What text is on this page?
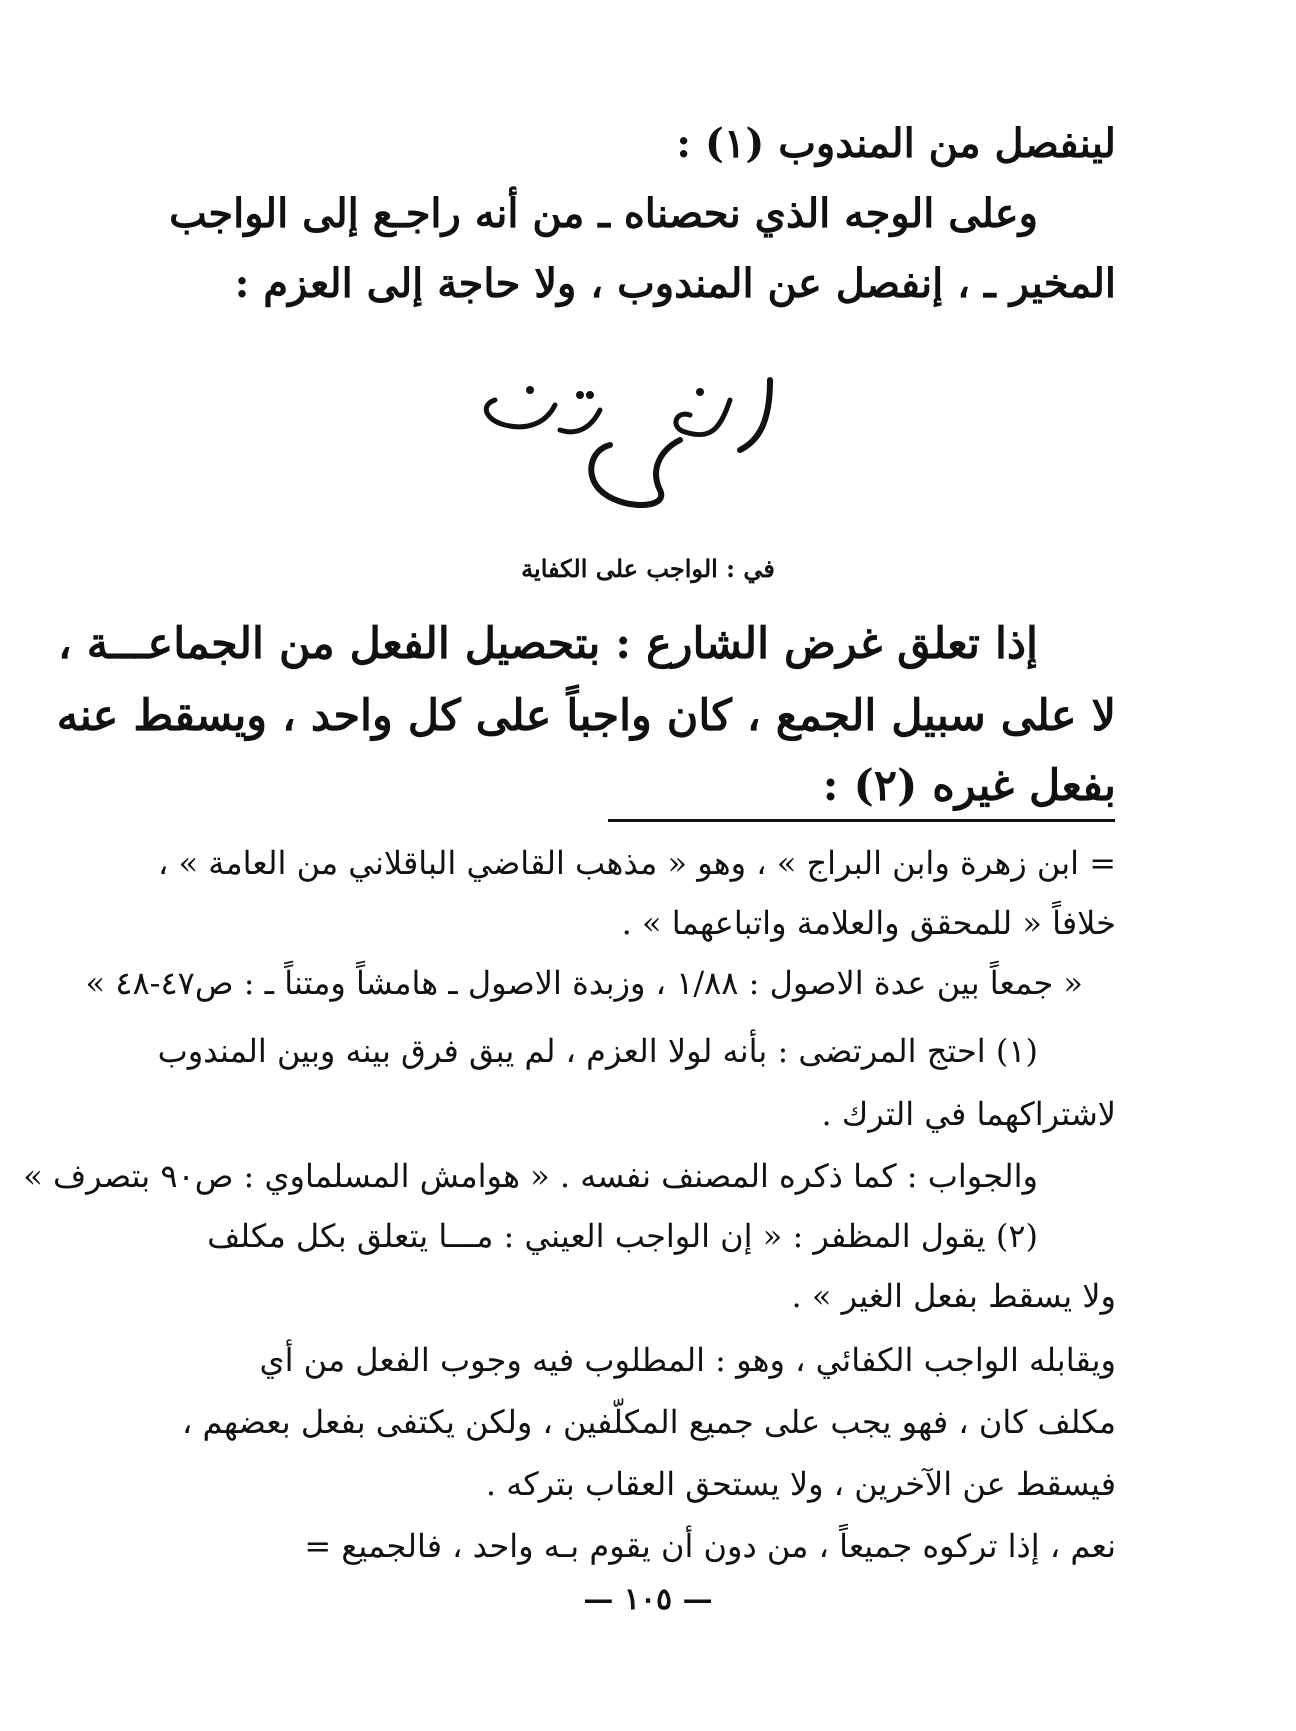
لينفصل من المندوب (١) :
وعلى الوجه الذي نحصناه ـ من أنه راجـع إلى الواجب
المخير ـ ، إنفصل عن المندوب ، ولا حاجة إلى العزم :
البحث التاسع
في : الواجب على الكفاية
إذا تعلق غرض الشارع : بتحصيل الفعل من الجماعـــة ،
لا على سبيل الجمع ، كان واجباً على كل واحد ، ويسقط عنه
بفعل غيره (٢) :
= ابن زهرة وابن البراج » ، وهو « مذهب القاضي الباقلاني من العامة » ،
خلافاً « للمحقق والعلامة واتباعهما » .
« جمعاً بين عدة الاصول : ١/٨٨ ، وزبدة الاصول ـ هامشاً ومتناً ـ : ص٤٧-٤٨ »
(١) احتج المرتضى : بأنه لولا العزم ، لم يبق فرق بينه وبين المندوب
لاشتراكهما في الترك .
والجواب : كما ذكره المصنف نفسه . « هوامش المسلماوي : ص٩٠ بتصرف »
(٢) يقول المظفر : « إن الواجب العيني : مـــا يتعلق بكل مكلف
ولا يسقط بفعل الغير » .
ويقابله الواجب الكفائي ، وهو : المطلوب فيه وجوب الفعل من أي
مكلف كان ، فهو يجب على جميع المكلّفين ، ولكن يكتفى بفعل بعضهم ،
فيسقط عن الآخرين ، ولا يستحق العقاب بتركه .
نعم ، إذا تركوه جميعاً ، من دون أن يقوم بـه واحد ، فالجميع =
— ١٠٥ —
